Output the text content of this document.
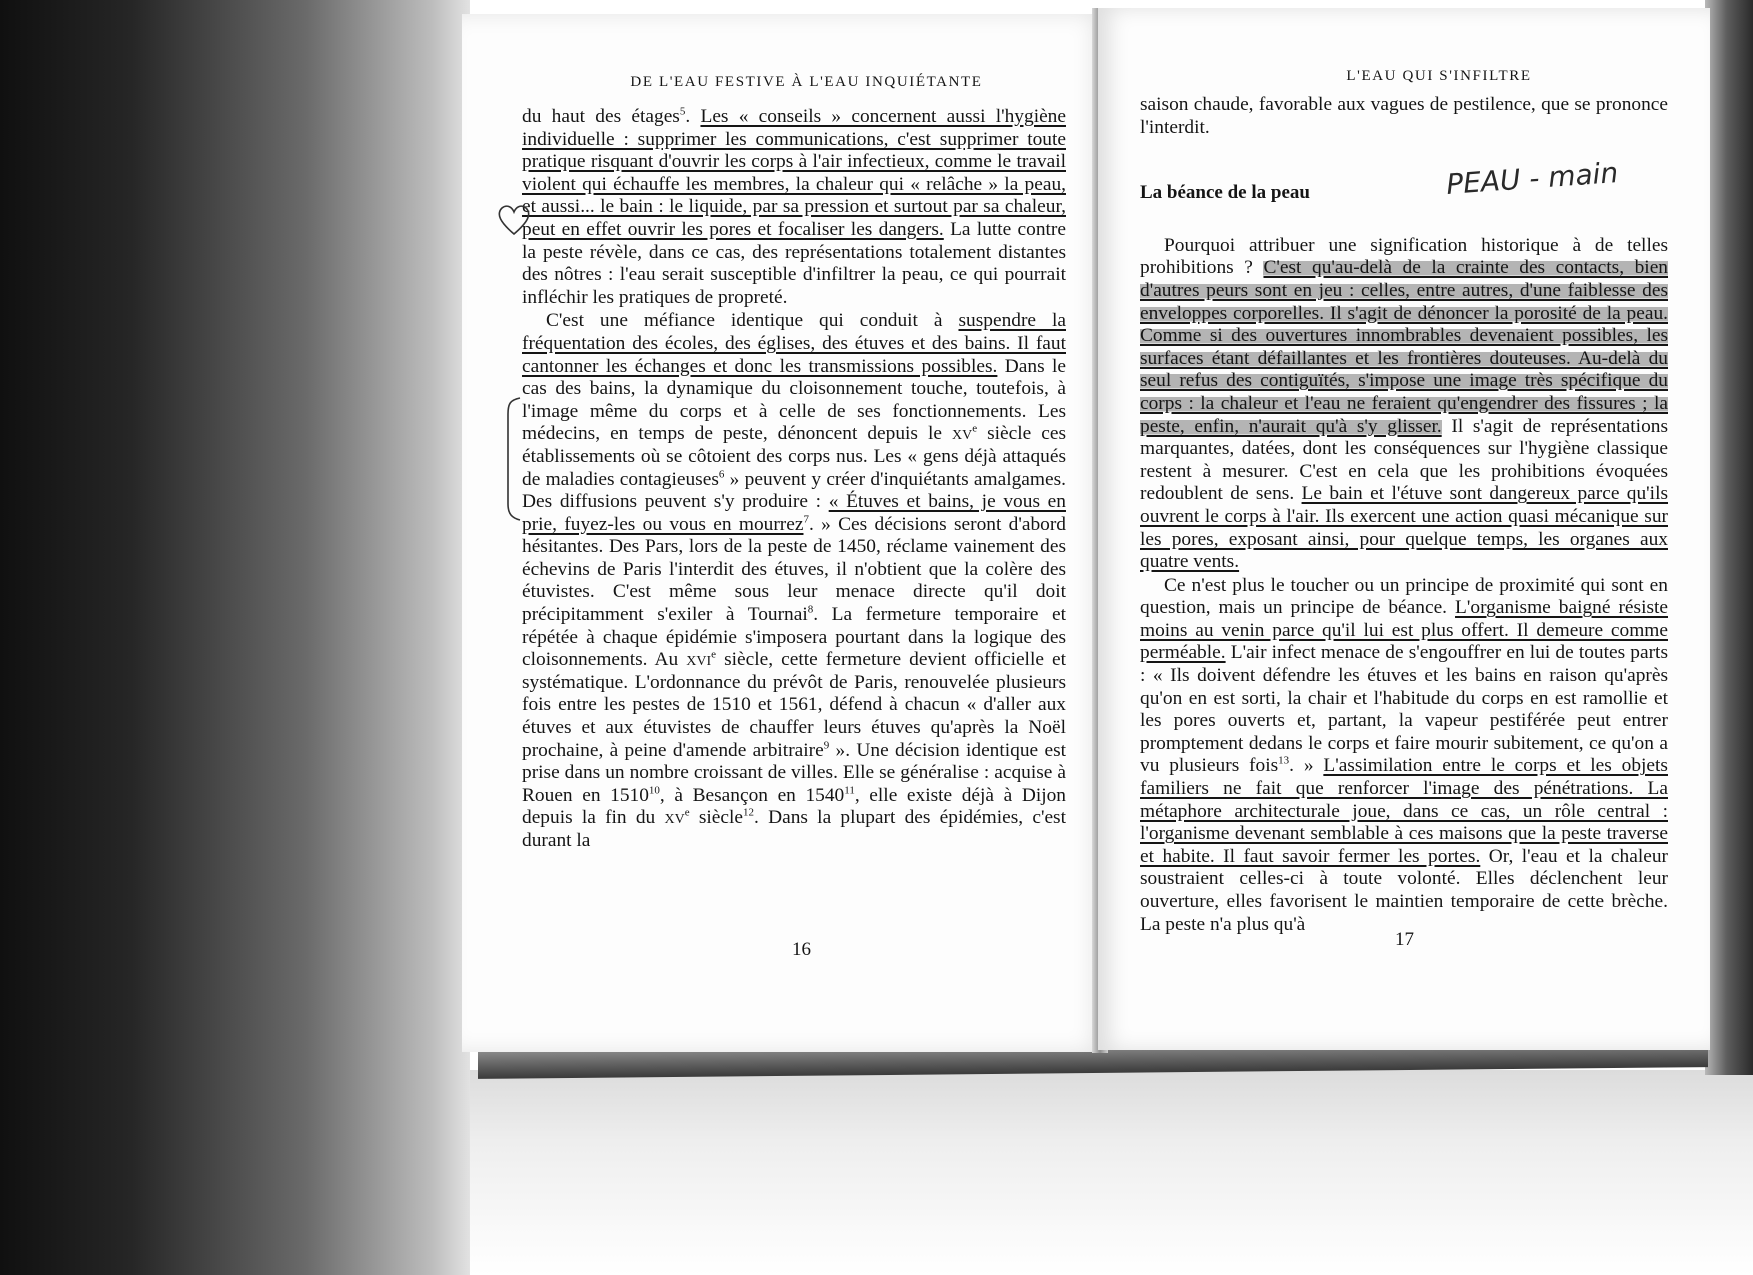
DE L'EAU FESTIVE À L'EAU INQUIÉTANTE

du haut des étages$^5$. Les « conseils » concernent aussi l'hygiène individuelle : supprimer les communications, c'est supprimer toute pratique risquant d'ouvrir les corps à l'air infectieux, comme le travail violent qui échauffe les membres, la chaleur qui « relâche » la peau, et aussi... le bain : le liquide, par sa pression et surtout par sa chaleur, peut en effet ouvrir les pores et focaliser les dangers. La lutte contre la peste révèle, dans ce cas, des représentations totalement distantes des nôtres : l'eau serait susceptible d'infiltrer la peau, ce qui pourrait infléchir les pratiques de propreté.

C'est une méfiance identique qui conduit à suspendre la fréquentation des écoles, des églises, des étuves et des bains. Il faut cantonner les échanges et donc les transmissions possibles. Dans le cas des bains, la dynamique du cloisonnement touche, toutefois, à l'image même du corps et à celle de ses fonctionnements. Les médecins, en temps de peste, dénoncent depuis le $xv^e$ siècle ces établissements où se côtoient des corps nus. Les « gens déjà attaqués de maladies contagieuses$^6$ » peuvent y créer d'inquiétants amalgames. Des diffusions peuvent s'y produire : « Étuves et bains, je vous en prie, fuyez-les ou vous en mourrez$^7$. » Ces décisions seront d'abord hésitantes. Des Pars, lors de la peste de 1450, réclame vainement des échevins de Paris l'interdit des étuves, il n'obtient que la colère des étuvistes. C'est même sous leur menace directe qu'il doit précipitamment s'exiler à Tournai$^8$. La fermeture temporaire et répétée à chaque épidémie s'imposera pourtant dans la logique des cloisonnements. Au xvi$^e$ siècle, cette fermeture devient officielle et systématique. L'ordonnance du prévôt de Paris, renouvelée plusieurs fois entre les pestes de 1510 et 1561, défend à chacun « d'aller aux étuves et aux étuvistes de chauffer leurs étuves qu'après la Noël prochaine, à peine d'amende arbitraire$^9$ ». Une décision identique est prise dans un nombre croissant de villes. Elle se généralise : acquise à Rouen en 1510$^{10}$, à Besançon en 1540$^{11}$, elle existe déjà à Dijon depuis la fin du $xv^e$ siècle$^{12}$. Dans la plupart des épidémies, c'est durant la

16
L'EAU QUI S'INFILTRE
PEAU - main

saison chaude, favorable aux vagues de pestilence, que se prononce l'interdit.

La béance de la peau

Pourquoi attribuer une signification historique à de telles prohibitions ? C'est qu'au-delà de la crainte des contacts, bien d'autres peurs sont en jeu : celles, entre autres, d'une faiblesse des enveloppes corporelles. Il s'agit de dénoncer la porosité de la peau. Comme si des ouvertures innombrables devenaient possibles, les surfaces étant défaillantes et les frontières douteuses. Au-delà du seul refus des contiguïtés, s'impose une image très spécifique du corps : la chaleur et l'eau ne feraient qu'engendrer des fissures ; la peste, enfin, n'aurait qu'à s'y glisser. Il s'agit de représentations marquantes, datées, dont les conséquences sur l'hygiène classique restent à mesurer. C'est en cela que les prohibitions évoquées redoublent de sens. Le bain et l'étuve sont dangereux parce qu'ils ouvrent le corps à l'air. Ils exercent une action quasi mécanique sur les pores, exposant ainsi, pour quelque temps, les organes aux quatre vents.

Ce n'est plus le toucher ou un principe de proximité qui sont en question, mais un principe de béance. L'organisme baigné résiste moins au venin parce qu'il lui est plus offert. Il demeure comme perméable. L'air infect menace de s'engouffrer en lui de toutes parts : « Ils doivent défendre les étuves et les bains en raison qu'après qu'on en est sorti, la chair et l'habitude du corps en est ramollie et les pores ouverts et, partant, la vapeur pestiférée peut entrer promptement dedans le corps et faire mourir subitement, ce qu'on a vu plusieurs fois$^{13}$. » L'assimilation entre le corps et les objets familiers ne fait que renforcer l'image des pénétrations. La métaphore architecturale joue, dans ce cas, un rôle central : l'organisme devenant semblable à ces maisons que la peste traverse et habite. Il faut savoir fermer les portes. Or, l'eau et la chaleur soustraient celles-ci à toute volonté. Elles déclenchent leur ouverture, elles favorisent le maintien temporaire de cette brèche. La peste n'a plus qu'à

17
